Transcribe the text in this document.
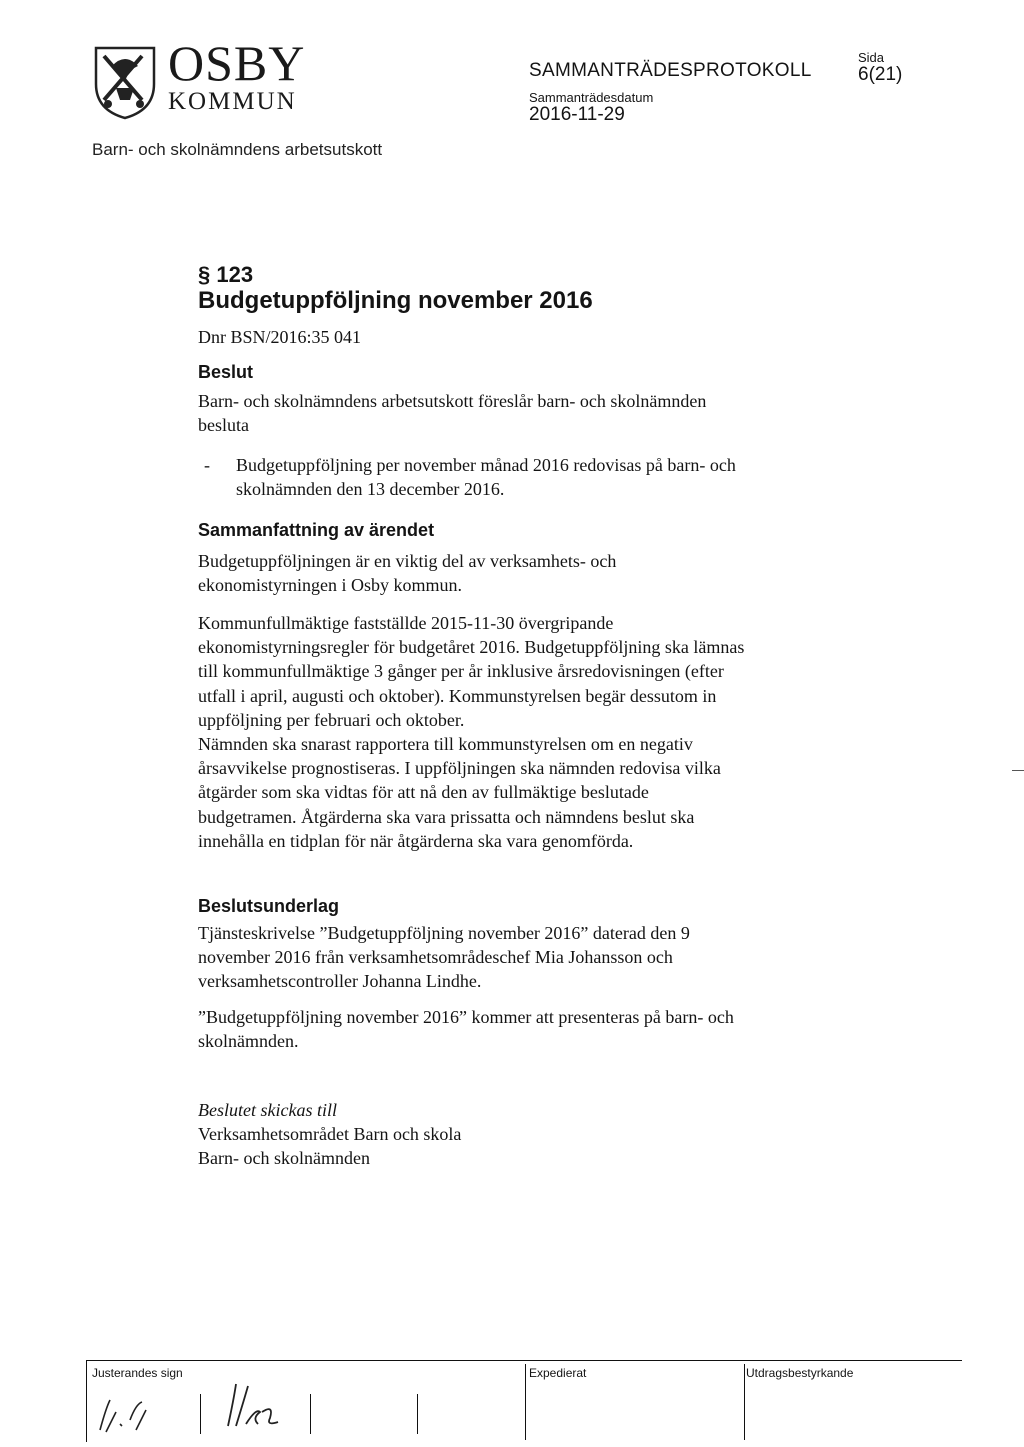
OSBY
KOMMUN
Barn- och skolnämndens arbetsutskott
SAMMANTRÄDESPROTOKOLL
Sammanträdesdatum
2016-11-29
Sida
6(21)
§ 123
Budgetuppföljning november 2016
Dnr BSN/2016:35 041
Beslut
Barn- och skolnämndens arbetsutskott föreslår barn- och skolnämnden
besluta
- Budgetuppföljning per november månad 2016 redovisas på barn- och
skolnämnden den 13 december 2016.
Sammanfattning av ärendet
Budgetuppföljningen är en viktig del av verksamhets- och
ekonomistyrningen i Osby kommun.
Kommunfullmäktige fastställde 2015-11-30 övergripande
ekonomistyrningsregler för budgetåret 2016. Budgetuppföljning ska lämnas
till kommunfullmäktige 3 gånger per år inklusive årsredovisningen (efter
utfall i april, augusti och oktober). Kommunstyrelsen begär dessutom in
uppföljning per februari och oktober.
Nämnden ska snarast rapportera till kommunstyrelsen om en negativ
årsavvikelse prognostiseras. I uppföljningen ska nämnden redovisa vilka
åtgärder som ska vidtas för att nå den av fullmäktige beslutade
budgetramen. Åtgärderna ska vara prissatta och nämndens beslut ska
innehålla en tidplan för när åtgärderna ska vara genomförda.
Beslutsunderlag
Tjänsteskrivelse ”Budgetuppföljning november 2016” daterad den 9
november 2016 från verksamhetsområdeschef Mia Johansson och
verksamhetscontroller Johanna Lindhe.
”Budgetuppföljning november 2016” kommer att presenteras på barn- och
skolnämnden.
Beslutet skickas till
Verksamhetsområdet Barn och skola
Barn- och skolnämnden
Justerandes sign	Expedierat	Utdragsbestyrkande
